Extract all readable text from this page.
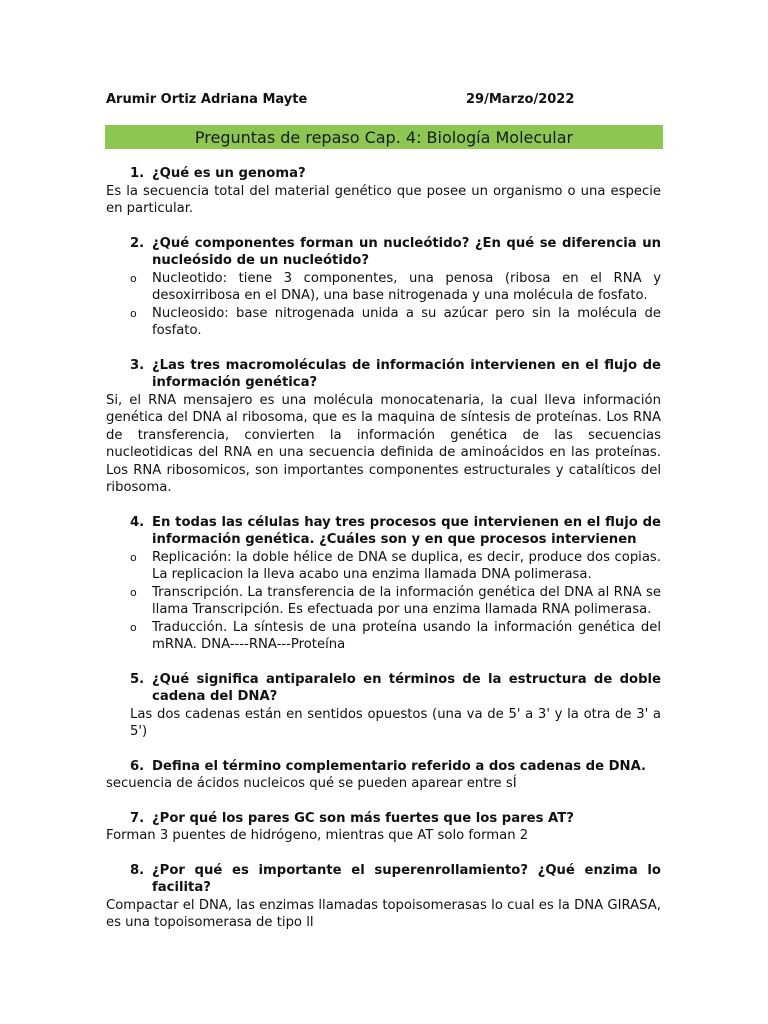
Arumir Ortiz Adriana Mayte	29/Marzo/2022
Preguntas de repaso Cap. 4: Biología Molecular

1. ¿Qué es un genoma?

Es la secuencia total del material genético que posee un organismo o una especie en particular.

2. ¿Qué componentes forman un nucleótido? ¿En qué se diferencia un nucleósido de un nucleótido?

o Nucleotido: tiene 3 componentes, una penosa (ribosa en el RNA y desoxirribosa en el DNA), una base nitrogenada y una molécula de fosfato.
o Nucleosido: base nitrogenada unida a su azúcar pero sin la molécula de fosfato.

3. ¿Las tres macromoléculas de información intervienen en el flujo de información genética?

Si, el RNA mensajero es una molécula monocatenaria, la cual lleva información genética del DNA al ribosoma, que es la maquina de síntesis de proteínas. Los RNA de transferencia, convierten la información genética de las secuencias nucleotidicas del RNA en una secuencia definida de aminoácidos en las proteínas. Los RNA ribosomicos, son importantes componentes estructurales y catalíticos del ribosoma.

4. En todas las células hay tres procesos que intervienen en el flujo de información genética. ¿Cuáles son y en que procesos intervienen

o Replicación: la doble hélice de DNA se duplica, es decir, produce dos copias. La replicacion la lleva acabo una enzima llamada DNA polimerasa.
o Transcripción. La transferencia de la información genética del DNA al RNA se llama Transcripción. Es efectuada por una enzima llamada RNA polimerasa.
o Traducción. La síntesis de una proteína usando la información genética del mRNA. DNA----RNA---Proteína

5. ¿Qué significa antiparalelo en términos de la estructura de doble cadena del DNA?

Las dos cadenas están en sentidos opuestos (una va de 5' a 3' y la otra de 3' a 5')

6. Defina el término complementario referido a dos cadenas de DNA.

secuencia de ácidos nucleicos qué se pueden aparear entre sÍ

7. ¿Por qué los pares GC son más fuertes que los pares AT?

Forman 3 puentes de hidrógeno, mientras que AT solo forman 2

8. ¿Por qué es importante el superenrollamiento? ¿Qué enzima lo facilita?

Compactar el DNA, las enzimas llamadas topoisomerasas lo cual es la DNA GIRASA, es una topoisomerasa de tipo ll
